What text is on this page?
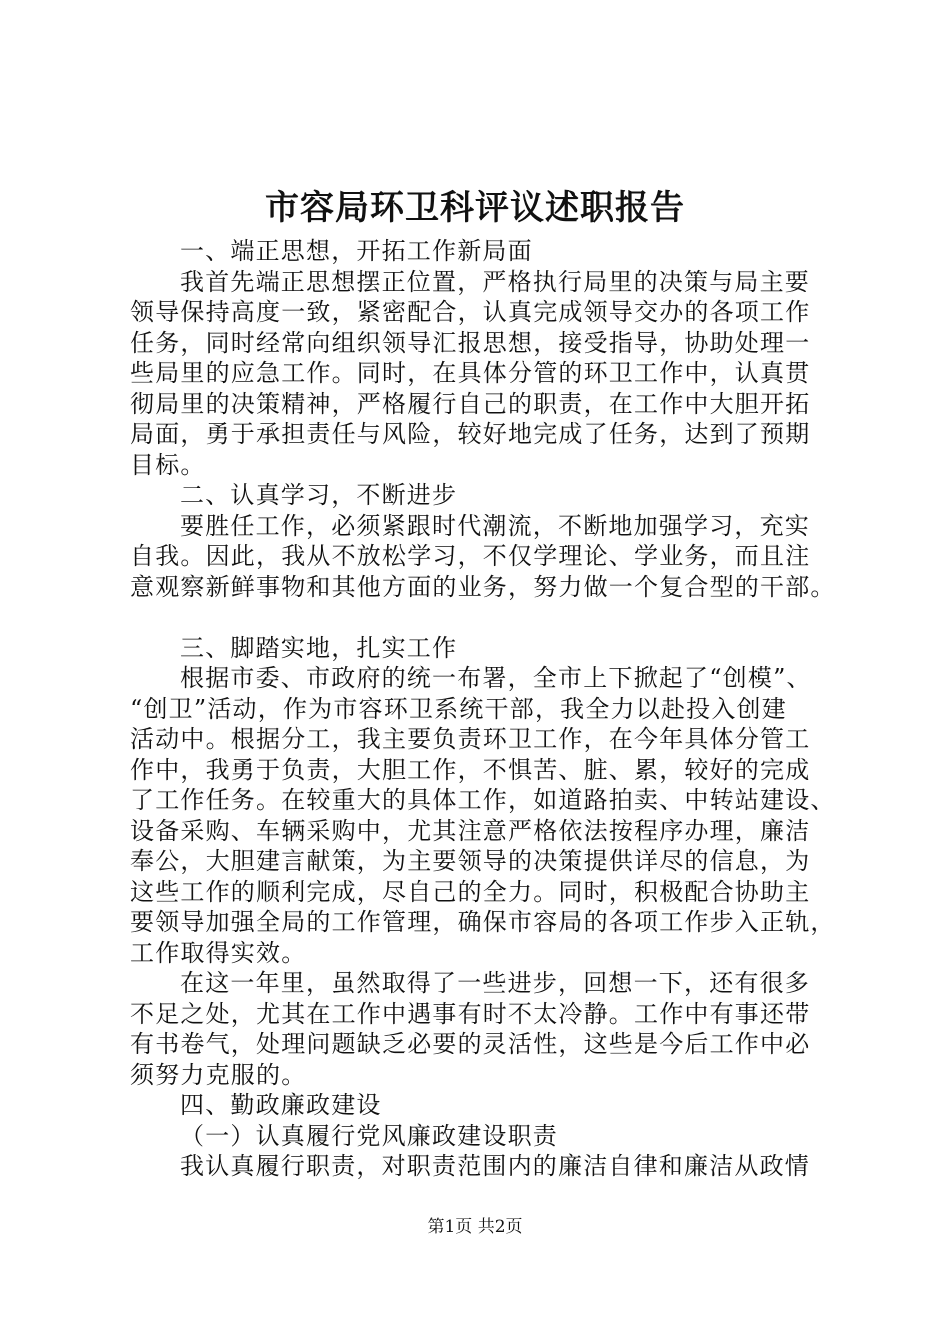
市容局环卫科评议述职报告
一、端正思想，开拓工作新局面
我首先端正思想摆正位置，严格执行局里的决策与局主要
领导保持高度一致，紧密配合，认真完成领导交办的各项工作
任务，同时经常向组织领导汇报思想，接受指导，协助处理一
些局里的应急工作。同时，在具体分管的环卫工作中，认真贯
彻局里的决策精神，严格履行自己的职责，在工作中大胆开拓
局面，勇于承担责任与风险，较好地完成了任务，达到了预期
目标。
二、认真学习，不断进步
要胜任工作，必须紧跟时代潮流，不断地加强学习，充实
自我。因此，我从不放松学习，不仅学理论、学业务，而且注
意观察新鲜事物和其他方面的业务，努力做一个复合型的干部。
三、脚踏实地，扎实工作
根据市委、市政府的统一布署，全市上下掀起了“创模”、
“创卫”活动，作为市容环卫系统干部，我全力以赴投入创建
活动中。根据分工，我主要负责环卫工作，在今年具体分管工
作中，我勇于负责，大胆工作，不惧苦、脏、累，较好的完成
了工作任务。在较重大的具体工作，如道路拍卖、中转站建设、
设备采购、车辆采购中，尤其注意严格依法按程序办理，廉洁
奉公，大胆建言献策，为主要领导的决策提供详尽的信息，为
这些工作的顺利完成，尽自己的全力。同时，积极配合协助主
要领导加强全局的工作管理，确保市容局的各项工作步入正轨，
工作取得实效。
在这一年里，虽然取得了一些进步，回想一下，还有很多
不足之处，尤其在工作中遇事有时不太冷静。工作中有事还带
有书卷气，处理问题缺乏必要的灵活性，这些是今后工作中必
须努力克服的。
四、勤政廉政建设
（一）认真履行党风廉政建设职责
我认真履行职责，对职责范围内的廉洁自律和廉洁从政情
第1页 共2页
